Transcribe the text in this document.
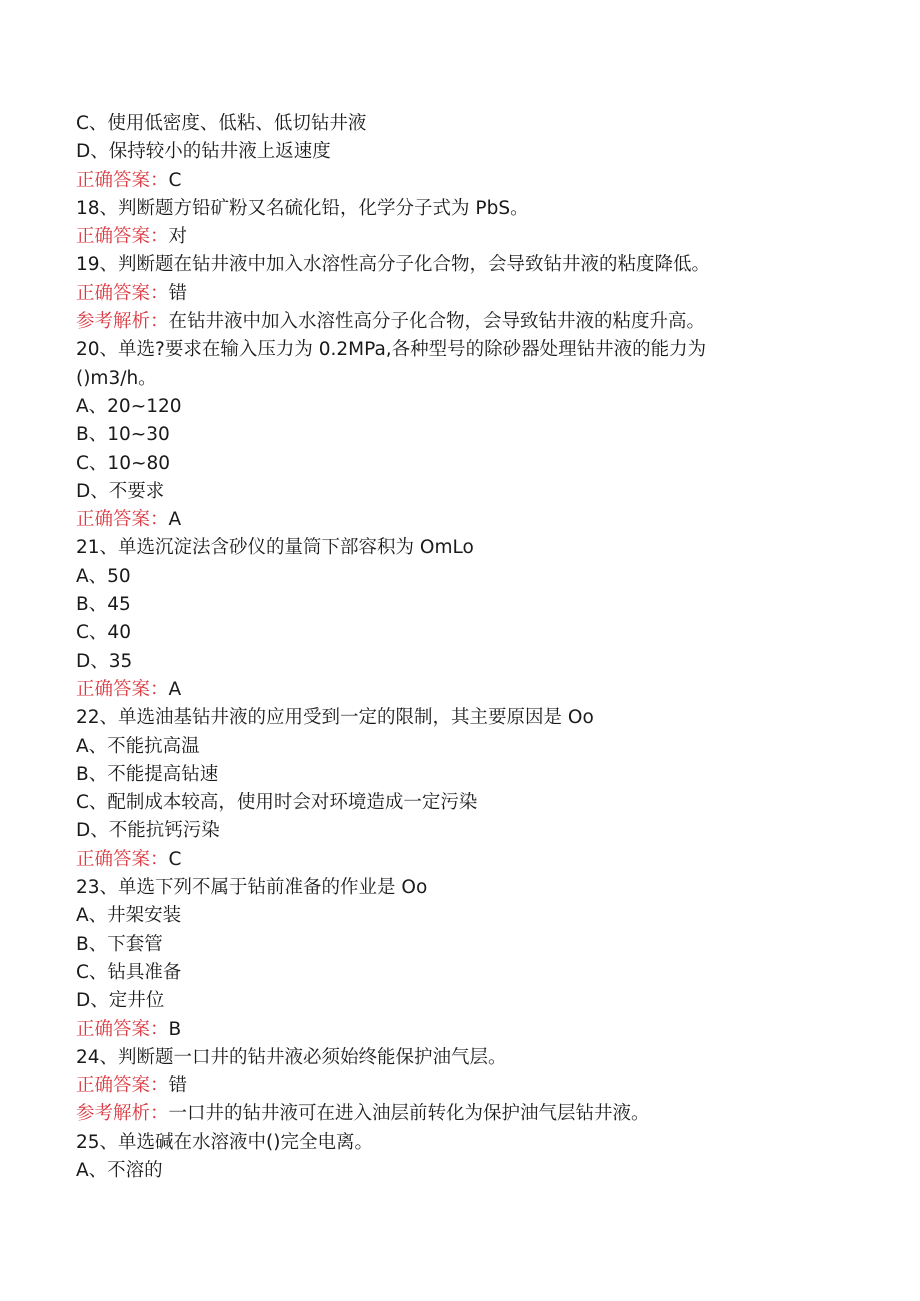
C、使用低密度、低粘、低切钻井液
D、保持较小的钻井液上返速度
正确答案：C
18、判断题方铅矿粉又名硫化铅，化学分子式为 PbS。
正确答案：对
19、判断题在钻井液中加入水溶性高分子化合物，会导致钻井液的粘度降低。
正确答案：错
参考解析：在钻井液中加入水溶性高分子化合物，会导致钻井液的粘度升高。
20、单选?要求在输入压力为 0.2MPa,各种型号的除砂器处理钻井液的能力为
()m3/h。
A、20~120
B、10~30
C、10~80
D、不要求
正确答案：A
21、单选沉淀法含砂仪的量筒下部容积为 OmLo
A、50
B、45
C、40
D、35
正确答案：A
22、单选油基钻井液的应用受到一定的限制，其主要原因是 Oo
A、不能抗高温
B、不能提高钻速
C、配制成本较高，使用时会对环境造成一定污染
D、不能抗钙污染
正确答案：C
23、单选下列不属于钻前准备的作业是 Oo
A、井架安装
B、下套管
C、钻具准备
D、定井位
正确答案：B
24、判断题一口井的钻井液必须始终能保护油气层。
正确答案：错
参考解析：一口井的钻井液可在进入油层前转化为保护油气层钻井液。
25、单选碱在水溶液中()完全电离。
A、不溶的
